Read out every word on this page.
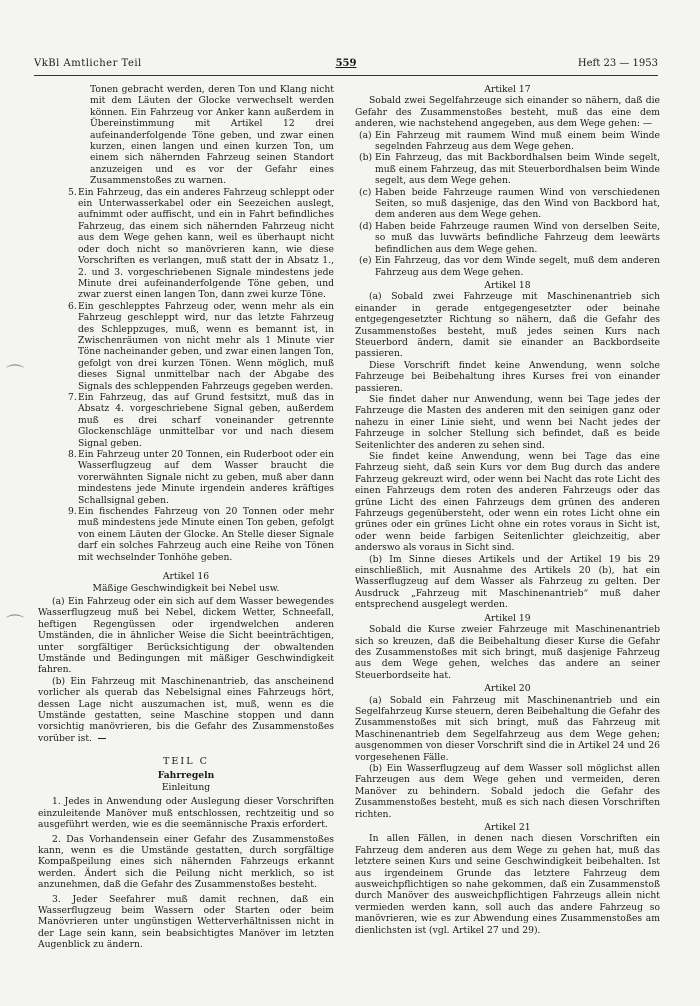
VkBl Amtlicher Teil	559	Heft 23 — 1953
⌒
⌒

Tonen gebracht werden, deren Ton und Klang nicht mit dem Läuten der Glocke verwechselt werden können. Ein Fahrzeug vor Anker kann außerdem in Übereinstimmung mit Artikel 12 drei aufeinanderfolgende Töne geben, und zwar einen kurzen, einen langen und einen kurzen Ton, um einem sich nähernden Fahrzeug seinen Standort anzuzeigen und es vor der Gefahr eines Zusammenstoßes zu warnen.

5. Ein Fahrzeug, das ein anderes Fahrzeug schleppt oder ein Unterwasserkabel oder ein Seezeichen auslegt, aufnimmt oder auffischt, und ein in Fahrt befindliches Fahrzeug, das einem sich nähernden Fahrzeug nicht aus dem Wege gehen kann, weil es überhaupt nicht oder doch nicht so manövrieren kann, wie diese Vorschriften es verlangen, muß statt der in Absatz 1., 2. und 3. vorgeschriebenen Signale mindestens jede Minute drei aufeinanderfolgende Töne geben, und zwar zuerst einen langen Ton, dann zwei kurze Töne.
6. Ein geschlepptes Fahrzeug oder, wenn mehr als ein Fahrzeug geschleppt wird, nur das letzte Fahrzeug des Schleppzuges, muß, wenn es bemannt ist, in Zwischenräumen von nicht mehr als 1 Minute vier Töne nacheinander geben, und zwar einen langen Ton, gefolgt von drei kurzen Tönen. Wenn möglich, muß dieses Signal unmittelbar nach der Abgabe des Signals des schleppenden Fahrzeugs gegeben werden.
7. Ein Fahrzeug, das auf Grund festsitzt, muß das in Absatz 4. vorgeschriebene Signal geben, außerdem muß es drei scharf voneinander getrennte Glockenschläge unmittelbar vor und nach diesem Signal geben.
8. Ein Fahrzeug unter 20 Tonnen, ein Ruderboot oder ein Wasserflugzeug auf dem Wasser braucht die vorerwähnten Signale nicht zu geben, muß aber dann mindestens jede Minute irgendein anderes kräftiges Schallsignal geben.
9. Ein fischendes Fahrzeug von 20 Tonnen oder mehr muß mindestens jede Minute einen Ton geben, gefolgt von einem Läuten der Glocke. An Stelle dieser Signale darf ein solches Fahrzeug auch eine Reihe von Tönen mit wechselnder Tonhöhe geben.

Artikel 16

Mäßige Geschwindigkeit bei Nebel usw.

(a) Ein Fahrzeug oder ein sich auf dem Wasser bewegendes Wasserflugzeug muß bei Nebel, dickem Wetter, Schneefall, heftigen Regengüssen oder irgendwelchen anderen Umständen, die in ähnlicher Weise die Sicht beeinträchtigen, unter sorgfältiger Berücksichtigung der obwaltenden Umstände und Bedingungen mit mäßiger Geschwindigkeit fahren.

(b) Ein Fahrzeug mit Maschinenantrieb, das anscheinend vorlicher als querab das Nebelsignal eines Fahrzeugs hört, dessen Lage nicht auszumachen ist, muß, wenn es die Umstände gestatten, seine Maschine stoppen und dann vorsichtig manövrieren, bis die Gefahr des Zusammenstoßes vorüber ist.

TEIL C

Fahrregeln

Einleitung

1. Jedes in Anwendung oder Auslegung dieser Vorschriften einzuleitende Manöver muß entschlossen, rechtzeitig und so ausgeführt werden, wie es die seemännische Praxis erfordert.

2. Das Vorhandensein einer Gefahr des Zusammenstoßes kann, wenn es die Umstände gestatten, durch sorgfältige Kompaßpeilung eines sich nähernden Fahrzeugs erkannt werden. Ändert sich die Peilung nicht merklich, so ist anzunehmen, daß die Gefahr des Zusammenstoßes besteht.

3. Jeder Seefahrer muß damit rechnen, daß ein Wasserflugzeug beim Wassern oder Starten oder beim Manövrieren unter ungünstigen Wetterverhältnissen nicht in der Lage sein kann, sein beabsichtigtes Manöver im letzten Augenblick zu ändern.

Artikel 17

Sobald zwei Segelfahrzeuge sich einander so nähern, daß die Gefahr des Zusammenstoßes besteht, muß das eine dem anderen, wie nachstehend angegeben, aus dem Wege gehen: —

(a) Ein Fahrzeug mit raumem Wind muß einem beim Winde segelnden Fahrzeug aus dem Wege gehen.
(b) Ein Fahrzeug, das mit Backbordhalsen beim Winde segelt, muß einem Fahrzeug, das mit Steuerbordhalsen beim Winde segelt, aus dem Wege gehen.
(c) Haben beide Fahrzeuge raumen Wind von verschiedenen Seiten, so muß dasjenige, das den Wind von Backbord hat, dem anderen aus dem Wege gehen.
(d) Haben beide Fahrzeuge raumen Wind von derselben Seite, so muß das luvwärts befindliche Fahrzeug dem leewärts befindlichen aus dem Wege gehen.
(e) Ein Fahrzeug, das vor dem Winde segelt, muß dem anderen Fahrzeug aus dem Wege gehen.

Artikel 18

(a) Sobald zwei Fahrzeuge mit Maschinenantrieb sich einander in gerade entgegengesetzter oder beinahe entgegengesetzter Richtung so nähern, daß die Gefahr des Zusammenstoßes besteht, muß jedes seinen Kurs nach Steuerbord ändern, damit sie einander an Backbordseite passieren.

Diese Vorschrift findet keine Anwendung, wenn solche Fahrzeuge bei Beibehaltung ihres Kurses frei von einander passieren.

Sie findet daher nur Anwendung, wenn bei Tage jedes der Fahrzeuge die Masten des anderen mit den seinigen ganz oder nahezu in einer Linie sieht, und wenn bei Nacht jedes der Fahrzeuge in solcher Stellung sich befindet, daß es beide Seitenlichter des anderen zu sehen sind.

Sie findet keine Anwendung, wenn bei Tage das eine Fahrzeug sieht, daß sein Kurs vor dem Bug durch das andere Fahrzeug gekreuzt wird, oder wenn bei Nacht das rote Licht des einen Fahrzeugs dem roten des anderen Fahrzeugs oder das grüne Licht des einen Fahrzeugs dem grünen des anderen Fahrzeugs gegenübersteht, oder wenn ein rotes Licht ohne ein grünes oder ein grünes Licht ohne ein rotes voraus in Sicht ist, oder wenn beide farbigen Seitenlichter gleichzeitig, aber anderswo als voraus in Sicht sind.

(b) Im Sinne dieses Artikels und der Artikel 19 bis 29 einschließlich, mit Ausnahme des Artikels 20 (b), hat ein Wasserflugzeug auf dem Wasser als Fahrzeug zu gelten. Der Ausdruck „Fahrzeug mit Maschinenantrieb“ muß daher entsprechend ausgelegt werden.

Artikel 19

Sobald die Kurse zweier Fahrzeuge mit Maschinenantrieb sich so kreuzen, daß die Beibehaltung dieser Kurse die Gefahr des Zusammenstoßes mit sich bringt, muß dasjenige Fahrzeug aus dem Wege gehen, welches das andere an seiner Steuerbordseite hat.

Artikel 20

(a) Sobald ein Fahrzeug mit Maschinenantrieb und ein Segelfahrzeug Kurse steuern, deren Beibehaltung die Gefahr des Zusammenstoßes mit sich bringt, muß das Fahrzeug mit Maschinenantrieb dem Segelfahrzeug aus dem Wege gehen; ausgenommen von dieser Vorschrift sind die in Artikel 24 und 26 vorgesehenen Fälle.

(b) Ein Wasserflugzeug auf dem Wasser soll möglichst allen Fahrzeugen aus dem Wege gehen und vermeiden, deren Manöver zu behindern. Sobald jedoch die Gefahr des Zusammenstoßes besteht, muß es sich nach diesen Vorschriften richten.

Artikel 21

In allen Fällen, in denen nach diesen Vorschriften ein Fahrzeug dem anderen aus dem Wege zu gehen hat, muß das letztere seinen Kurs und seine Geschwindigkeit beibehalten. Ist aus irgendeinem Grunde das letztere Fahrzeug dem ausweichpflichtigen so nahe gekommen, daß ein Zusammenstoß durch Manöver des ausweichpflichtigen Fahrzeugs allein nicht vermieden werden kann, soll auch das andere Fahrzeug so manövrieren, wie es zur Abwendung eines Zusammenstoßes am dienlichsten ist (vgl. Artikel 27 und 29).
